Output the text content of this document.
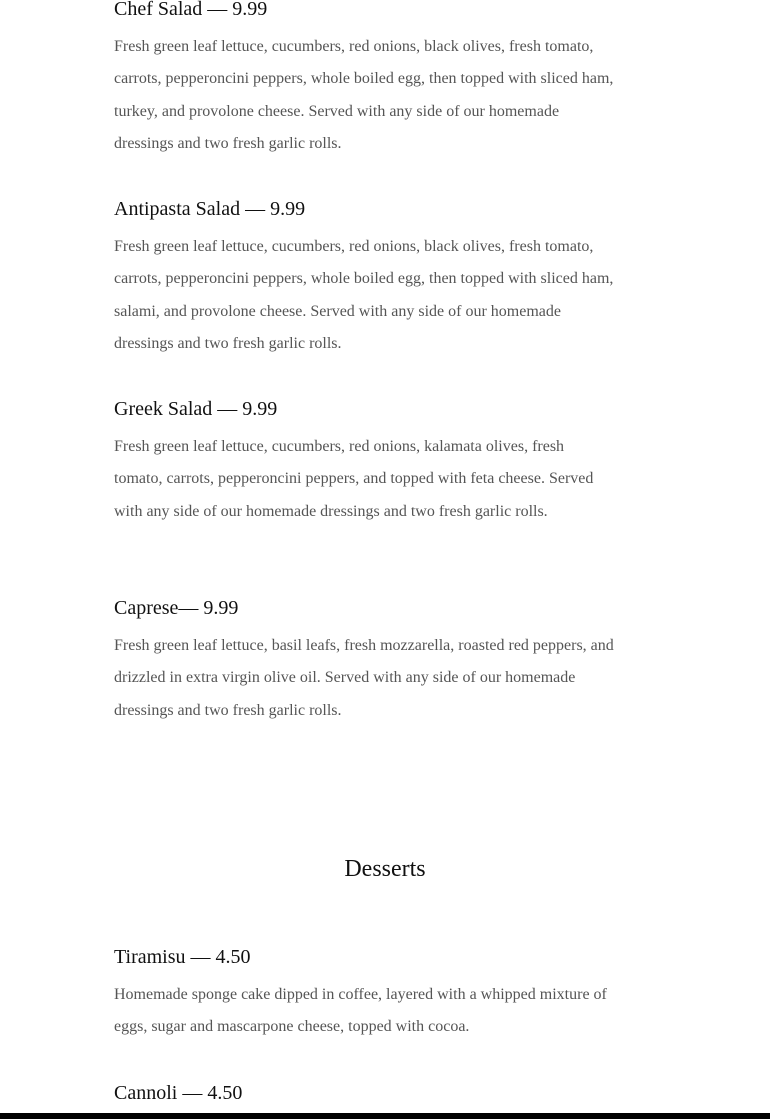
Chef Salad — 9.99

Fresh green leaf lettuce, cucumbers, red onions, black olives, fresh tomato, carrots, pepperoncini peppers, whole boiled egg, then topped with sliced ham, turkey, and provolone cheese. Served with any side of our homemade dressings and two fresh garlic rolls.

Antipasta Salad — 9.99

Fresh green leaf lettuce, cucumbers, red onions, black olives, fresh tomato, carrots, pepperoncini peppers, whole boiled egg, then topped with sliced ham, salami, and provolone cheese. Served with any side of our homemade dressings and two fresh garlic rolls.

Greek Salad — 9.99

Fresh green leaf lettuce, cucumbers, red onions, kalamata olives, fresh tomato, carrots, pepperoncini peppers, and topped with feta cheese. Served with any side of our homemade dressings and two fresh garlic rolls.

Caprese— 9.99

Fresh green leaf lettuce, basil leafs, fresh mozzarella, roasted red peppers, and drizzled in extra virgin olive oil. Served with any side of our homemade dressings and two fresh garlic rolls.

Desserts
Tiramisu — 4.50

Homemade sponge cake dipped in coffee, layered with a whipped mixture of eggs, sugar and mascarpone cheese, topped with cocoa.

Cannoli — 4.50
